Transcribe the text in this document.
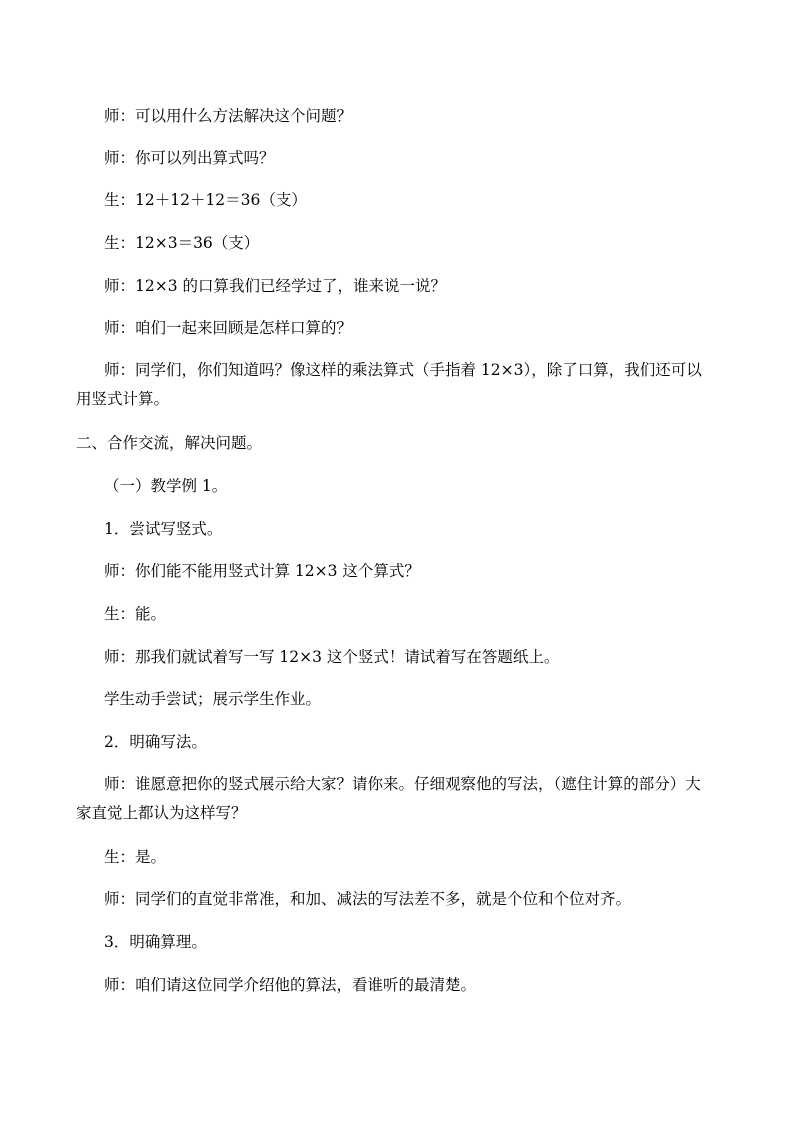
师：可以用什么方法解决这个问题？

师：你可以列出算式吗？

生：12＋12＋12＝36（支）

生：12×3＝36（支）

师：12×3 的口算我们已经学过了，谁来说一说？

师：咱们一起来回顾是怎样口算的？

师：同学们，你们知道吗？像这样的乘法算式（手指着 12×3），除了口算，我们还可以用竖式计算。

二、合作交流，解决问题。

（一）教学例 1。

1．尝试写竖式。

师：你们能不能用竖式计算 12×3 这个算式？

生：能。

师：那我们就试着写一写 12×3 这个竖式！请试着写在答题纸上。

学生动手尝试；展示学生作业。

2．明确写法。

师：谁愿意把你的竖式展示给大家？请你来。仔细观察他的写法，（遮住计算的部分）大家直觉上都认为这样写？

生：是。

师：同学们的直觉非常准，和加、减法的写法差不多，就是个位和个位对齐。

3．明确算理。

师：咱们请这位同学介绍他的算法，看谁听的最清楚。
